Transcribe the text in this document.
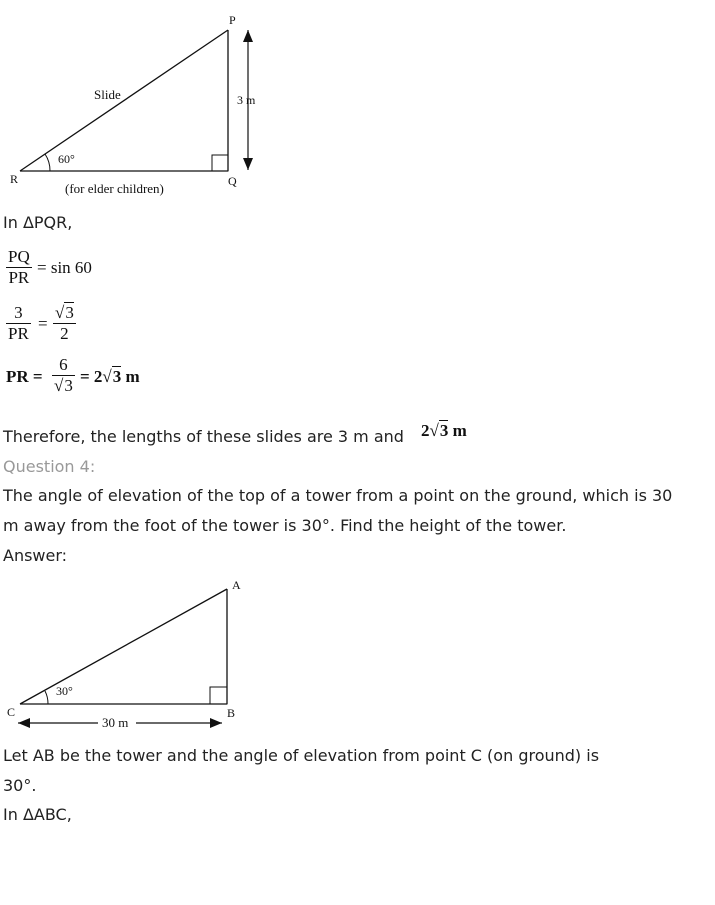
P
Q
R
Slide	3 m
60°
(for elder children)
In ΔPQR,
$\frac{PQ}{PR} = \sin 60$
$\frac{3}{PR} = \frac{√3}{2}$
PR = $\frac{6}{√3} = 2√3$ m
Therefore, the lengths of these slides are 3 m and 2√3 m
Question 4:
The angle of elevation of the top of a tower from a point on the ground, which is 30
m away from the foot of the tower is 30°. Find the height of the tower.
Answer:
A
B
C
30°
30 m
Let AB be the tower and the angle of elevation from point C (on ground) is
30°.
In ΔABC,
